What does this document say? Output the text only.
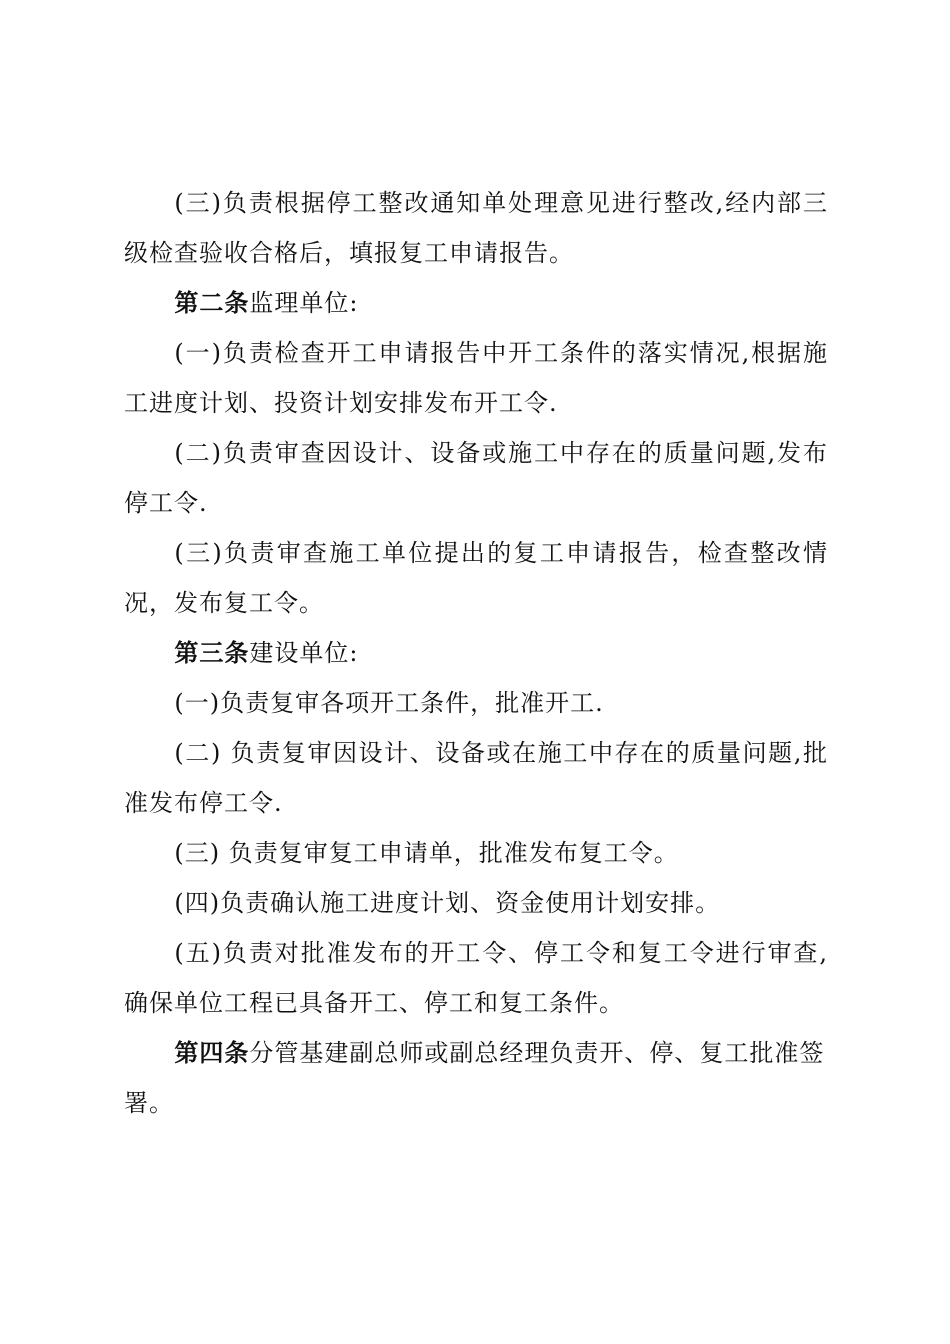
(三)负责根据停工整改通知单处理意见进行整改,经内部三级检查验收合格后，填报复工申请报告。

第二条监理单位:

(一)负责检查开工申请报告中开工条件的落实情况,根据施工进度计划、投资计划安排发布开工令.

(二)负责审查因设计、设备或施工中存在的质量问题,发布停工令.

(三)负责审查施工单位提出的复工申请报告，检查整改情况，发布复工令。

第三条建设单位:

(一)负责复审各项开工条件，批准开工.

(二) 负责复审因设计、设备或在施工中存在的质量问题,批准发布停工令.

(三) 负责复审复工申请单，批准发布复工令。

(四)负责确认施工进度计划、资金使用计划安排。

(五)负责对批准发布的开工令、停工令和复工令进行审查,确保单位工程已具备开工、停工和复工条件。

第四条分管基建副总师或副总经理负责开、停、复工批准签署。
